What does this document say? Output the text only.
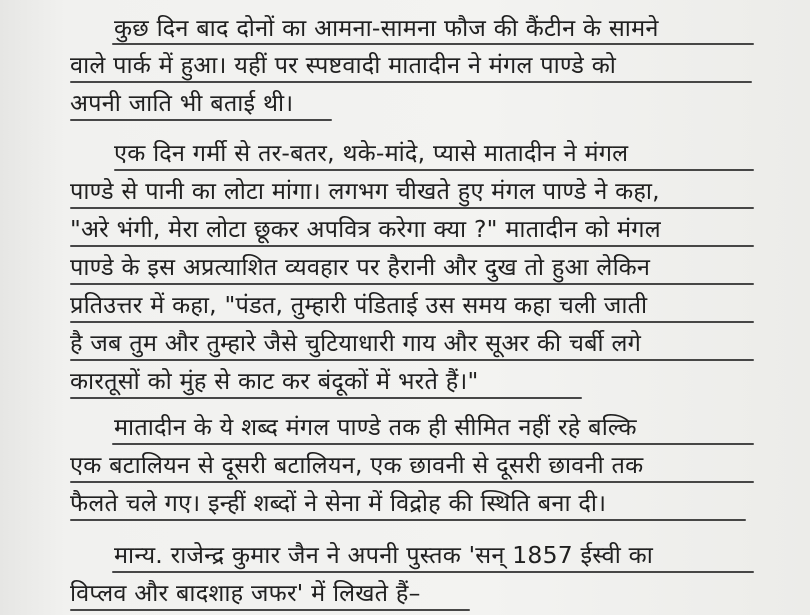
कुछ दिन बाद दोनों का आमना-सामना फौज की कैंटीन के सामने
वाले पार्क में हुआ। यहीं पर स्पष्टवादी मातादीन ने मंगल पाण्डे को
अपनी जाति भी बताई थी।
एक दिन गर्मी से तर-बतर, थके-मांदे, प्यासे मातादीन ने मंगल
पाण्डे से पानी का लोटा मांगा। लगभग चीखते हुए मंगल पाण्डे ने कहा,
"अरे भंगी, मेरा लोटा छूकर अपवित्र करेगा क्या ?" मातादीन को मंगल
पाण्डे के इस अप्रत्याशित व्यवहार पर हैरानी और दुख तो हुआ लेकिन
प्रतिउत्तर में कहा, "पंडत, तुम्हारी पंडिताई उस समय कहा चली जाती
है जब तुम और तुम्हारे जैसे चुटियाधारी गाय और सूअर की चर्बी लगे
कारतूसों को मुंह से काट कर बंदूकों में भरते हैं।"
मातादीन के ये शब्द मंगल पाण्डे तक ही सीमित नहीं रहे बल्कि
एक बटालियन से दूसरी बटालियन, एक छावनी से दूसरी छावनी तक
फैलते चले गए। इन्हीं शब्दों ने सेना में विद्रोह की स्थिति बना दी।
मान्य. राजेन्द्र कुमार जैन ने अपनी पुस्तक 'सन् 1857 ईस्वी का
विप्लव और बादशाह जफर' में लिखते हैं–
